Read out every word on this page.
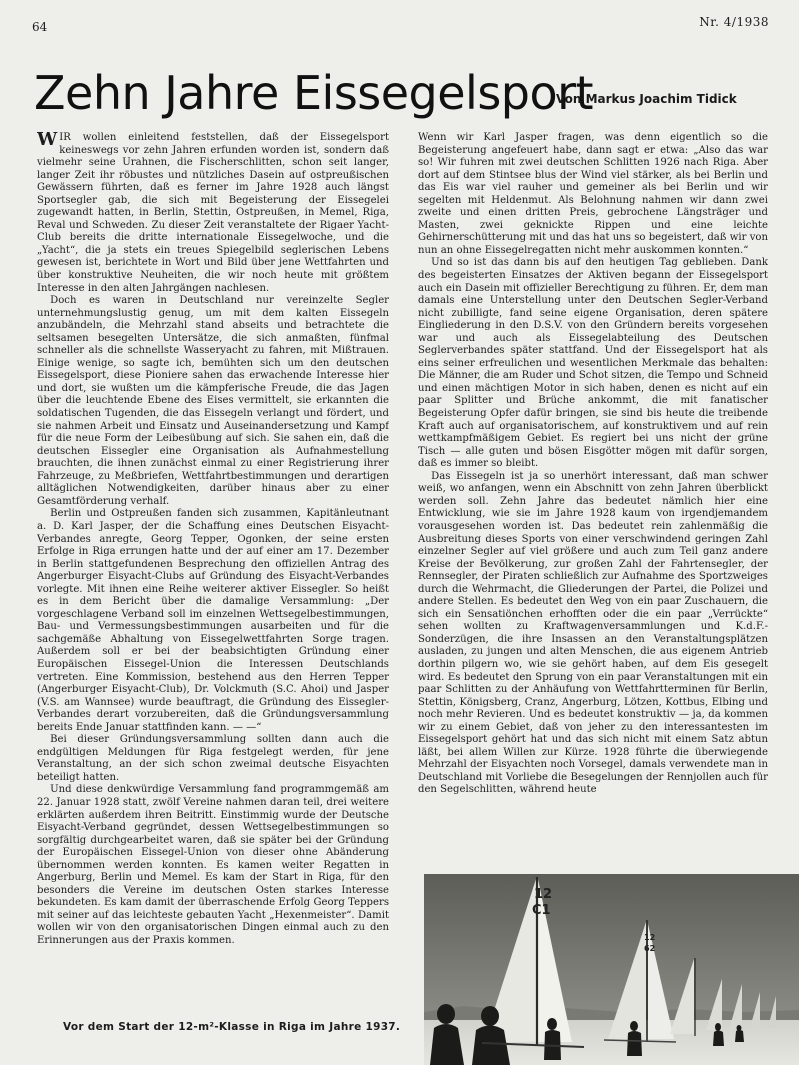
64	Nr. 4/1938
Zehn Jahre Eissegelsport
Von Markus Joachim Tidick

WIR wollen einleitend feststellen, daß der Eissegelsport keineswegs vor zehn Jahren erfunden worden ist, sondern daß vielmehr seine Urahnen, die Fischerschlitten, schon seit langer, langer Zeit ihr röbustes und nützliches Dasein auf ostpreußischen Gewässern führten, daß es ferner im Jahre 1928 auch längst Sportsegler gab, die sich mit Begeisterung der Eissegelei zugewandt hatten, in Berlin, Stettin, Ostpreußen, in Memel, Riga, Reval und Schweden. Zu dieser Zeit veranstaltete der Rigaer Yacht-Club bereits die dritte internationale Eissegelwoche, und die „Yacht“, die ja stets ein treues Spiegelbild seglerischen Lebens gewesen ist, berichtete in Wort und Bild über jene Wettfahrten und über konstruktive Neuheiten, die wir noch heute mit größtem Interesse in den alten Jahrgängen nachlesen.

Doch es waren in Deutschland nur vereinzelte Segler unternehmungslustig genug, um mit dem kalten Eissegeln anzubändeln, die Mehrzahl stand abseits und betrachtete die seltsamen besegelten Untersätze, die sich anmaßten, fünfmal schneller als die schnellste Wasseryacht zu fahren, mit Mißtrauen. Einige wenige, so sagte ich, bemühten sich um den deutschen Eissegelsport, diese Pioniere sahen das erwachende Interesse hier und dort, sie wußten um die kämpferische Freude, die das Jagen über die leuchtende Ebene des Eises vermittelt, sie erkannten die soldatischen Tugenden, die das Eissegeln verlangt und fördert, und sie nahmen Arbeit und Einsatz und Auseinandersetzung und Kampf für die neue Form der Leibesübung auf sich. Sie sahen ein, daß die deutschen Eissegler eine Organisation als Aufnahmestellung brauchten, die ihnen zunächst einmal zu einer Registrierung ihrer Fahrzeuge, zu Meßbriefen, Wettfahrtbestimmungen und derartigen alltäglichen Notwendigkeiten, darüber hinaus aber zu einer Gesamtförderung verhalf.

Berlin und Ostpreußen fanden sich zusammen, Kapitänleutnant a. D. Karl Jasper, der die Schaffung eines Deutschen Eisyacht-Verbandes anregte, Georg Tepper, Ogonken, der seine ersten Erfolge in Riga errungen hatte und der auf einer am 17. Dezember in Berlin stattgefundenen Besprechung den offiziellen Antrag des Angerburger Eisyacht-Clubs auf Gründung des Eisyacht-Verbandes vorlegte. Mit ihnen eine Reihe weiterer aktiver Eissegler. So heißt es in dem Bericht über die damalige Versammlung: „Der vorgeschlagene Verband soll im einzelnen Wettsegelbestimmungen, Bau- und Vermessungsbestimmungen ausarbeiten und für die sachgemäße Abhaltung von Eissegelwettfahrten Sorge tragen. Außerdem soll er bei der beabsichtigten Gründung einer Europäischen Eissegel-Union die Interessen Deutschlands vertreten. Eine Kommission, bestehend aus den Herren Tepper (Angerburger Eisyacht-Club), Dr. Volckmuth (S.C. Ahoi) und Jasper (V.S. am Wannsee) wurde beauftragt, die Gründung des Eissegler-Verbandes derart vorzubereiten, daß die Gründungsversammlung bereits Ende Januar stattfinden kann. — —“

Bei dieser Gründungsversammlung sollten dann auch die endgültigen Meldungen für Riga festgelegt werden, für jene Veranstaltung, an der sich schon zweimal deutsche Eisyachten beteiligt hatten.

Und diese denkwürdige Versammlung fand programmgemäß am 22. Januar 1928 statt, zwölf Vereine nahmen daran teil, drei weitere erklärten außerdem ihren Beitritt. Einstimmig wurde der Deutsche Eisyacht-Verband gegründet, dessen Wettsegelbestimmungen so sorgfältig durchgearbeitet waren, daß sie später bei der Gründung der Europäischen Eissegel-Union von dieser ohne Abänderung übernommen werden konnten. Es kamen weiter Regatten in Angerburg, Berlin und Memel. Es kam der Start in Riga, für den besonders die Vereine im deutschen Osten starkes Interesse bekundeten. Es kam damit der überraschende Erfolg Georg Teppers mit seiner auf das leichteste gebauten Yacht „Hexenmeister“. Damit wollen wir von den organisatorischen Dingen einmal auch zu den Erinnerungen aus der Praxis kommen.

Wenn wir Karl Jasper fragen, was denn eigentlich so die Begeisterung angefeuert habe, dann sagt er etwa: „Also das war so! Wir fuhren mit zwei deutschen Schlitten 1926 nach Riga. Aber dort auf dem Stintsee blus der Wind viel stärker, als bei Berlin und das Eis war viel rauher und gemeiner als bei Berlin und wir segelten mit Heldenmut. Als Belohnung nahmen wir dann zwei zweite und einen dritten Preis, gebrochene Längsträger und Masten, zwei geknickte Rippen und eine leichte Gehirnerschütterung mit und das hat uns so begeistert, daß wir von nun an ohne Eissegelregatten nicht mehr auskommen konnten.“

Und so ist das dann bis auf den heutigen Tag geblieben. Dank des begeisterten Einsatzes der Aktiven begann der Eissegelsport auch ein Dasein mit offizieller Berechtigung zu führen. Er, dem man damals eine Unterstellung unter den Deutschen Segler-Verband nicht zubilligte, fand seine eigene Organisation, deren spätere Eingliederung in den D.S.V. von den Gründern bereits vorgesehen war und auch als Eissegelabteilung des Deutschen Seglerverbandes später stattfand. Und der Eissegelsport hat als eins seiner erfreulichen und wesentlichen Merkmale das behalten: Die Männer, die am Ruder und Schot sitzen, die Tempo und Schneid und einen mächtigen Motor in sich haben, denen es nicht auf ein paar Splitter und Brüche ankommt, die mit fanatischer Begeisterung Opfer dafür bringen, sie sind bis heute die treibende Kraft auch auf organisatorischem, auf konstruktivem und auf rein wettkampfmäßigem Gebiet. Es regiert bei uns nicht der grüne Tisch — alle guten und bösen Eisgötter mögen mit dafür sorgen, daß es immer so bleibt.

Das Eissegeln ist ja so unerhört interessant, daß man schwer weiß, wo anfangen, wenn ein Abschnitt von zehn Jahren überblickt werden soll. Zehn Jahre das bedeutet nämlich hier eine Entwicklung, wie sie im Jahre 1928 kaum von irgendjemandem vorausgesehen worden ist. Das bedeutet rein zahlenmäßig die Ausbreitung dieses Sports von einer verschwindend geringen Zahl einzelner Segler auf viel größere und auch zum Teil ganz andere Kreise der Bevölkerung, zur großen Zahl der Fahrtensegler, der Rennsegler, der Piraten schließlich zur Aufnahme des Sportzweiges durch die Wehrmacht, die Gliederungen der Partei, die Polizei und andere Stellen. Es bedeutet den Weg von ein paar Zuschauern, die sich ein Sensatiönchen erhofften oder die ein paar „Verrückte“ sehen wollten zu Kraftwagenversammlungen und K.d.F.-Sonderzügen, die ihre Insassen an den Veranstaltungsplätzen ausladen, zu jungen und alten Menschen, die aus eigenem Antrieb dorthin pilgern wo, wie sie gehört haben, auf dem Eis gesegelt wird. Es bedeutet den Sprung von ein paar Veranstaltungen mit ein paar Schlitten zu der Anhäufung von Wettfahrtterminen für Berlin, Stettin, Königsberg, Cranz, Angerburg, Lötzen, Kottbus, Elbing und noch mehr Revieren. Und es bedeutet konstruktiv — ja, da kommen wir zu einem Gebiet, daß von jeher zu den interessantesten im Eissegelsport gehört hat und das sich nicht mit einem Satz abtun läßt, bei allem Willen zur Kürze. 1928 führte die überwiegende Mehrzahl der Eisyachten noch Vorsegel, damals verwendete man in Deutschland mit Vorliebe die Besegelungen der Rennjollen auch für den Segelschlitten, während heute

12
C1
12
62
Vor dem Start der 12-m²-Klasse in Riga im Jahre 1937.
